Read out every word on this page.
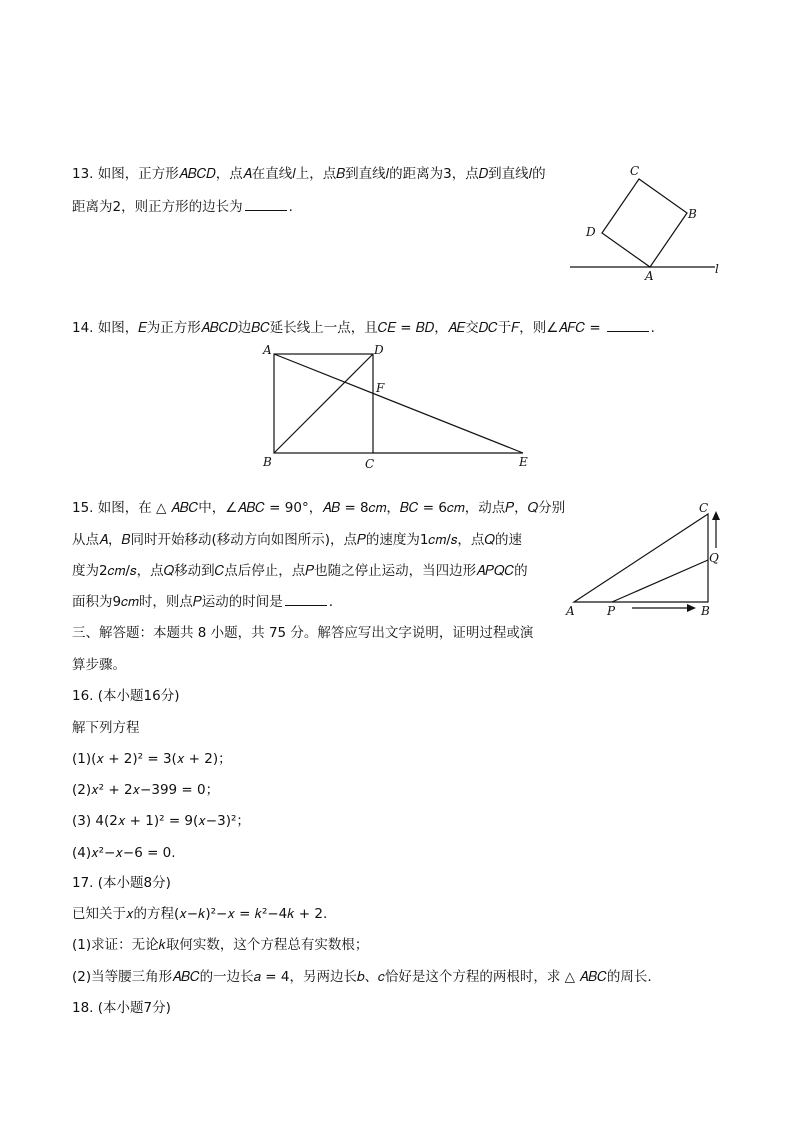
13. 如图，正方形𝐴𝐵𝐶𝐷，点𝐴在直线𝑙上，点𝐵到直线𝑙的距离为3，点𝐷到直线𝑙的
距离为2，则正方形的边长为	.
C
B
D
A	l
14. 如图，𝐸为正方形𝐴𝐵𝐶𝐷边𝐵𝐶延长线上一点，且𝐶𝐸 = 𝐵𝐷，𝐴𝐸交𝐷𝐶于𝐹，则∠𝐴𝐹𝐶 =	.
A	D
F
B	C	E
15. 如图，在 △ 𝐴𝐵𝐶中，∠𝐴𝐵𝐶 = 90°，𝐴𝐵 = 8𝑐𝑚，𝐵𝐶 = 6𝑐𝑚，动点𝑃，𝑄分别
从点𝐴，𝐵同时开始移动(移动方向如图所示)，点𝑃的速度为1𝑐𝑚/𝑠，点𝑄的速
度为2𝑐𝑚/𝑠，点𝑄移动到𝐶点后停止，点𝑃也随之停止运动，当四边形𝐴𝑃𝑄𝐶的
面积为9𝑐𝑚时，则点𝑃运动的时间是	.
C
Q
A	P	B
三、解答题：本题共 8 小题，共 75 分。解答应写出文字说明，证明过程或演
算步骤。
16. (本小题16分)
解下列方程
(1)(𝑥 + 2)² = 3(𝑥 + 2)；
(2)𝑥² + 2𝑥−399 = 0；
(3) 4(2𝑥 + 1)² = 9(𝑥−3)²；
(4)𝑥²−𝑥−6 = 0.
17. (本小题8分)
已知关于𝑥的方程(𝑥−𝑘)²−𝑥 = 𝑘²−4𝑘 + 2.
(1)求证：无论𝑘取何实数，这个方程总有实数根；
(2)当等腰三角形𝐴𝐵𝐶的一边长𝑎 = 4，另两边长𝑏、𝑐恰好是这个方程的两根时，求 △ 𝐴𝐵𝐶的周长.
18. (本小题7分)
